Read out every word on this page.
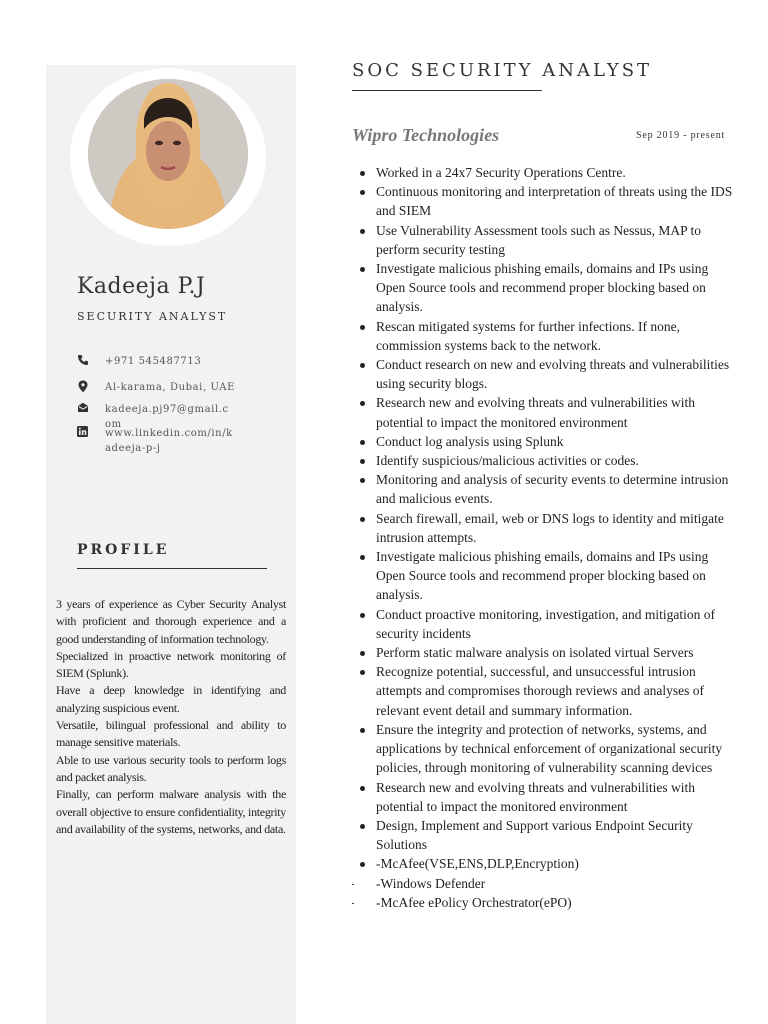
Kadeeja P.J
SECURITY ANALYST
+971 545487713
Al-karama, Dubai, UAE
kadeeja.pj97@gmail.com
www.linkedin.com/in/kadeeja-p-j
PROFILE

3 years of experience as Cyber Security Analyst with proficient and thorough experience and a good understanding of information technology.

Specialized in proactive network monitoring of SIEM (Splunk).

Have a deep knowledge in identifying and analyzing suspicious event.

Versatile, bilingual professional and ability to manage sensitive materials.

Able to use various security tools to perform logs and packet analysis.

Finally, can perform malware analysis with the overall objective to ensure confidentiality, integrity and availability of the systems, networks, and data.

SOC SECURITY ANALYST
Wipro Technologies	Sep 2019 - present
Worked in a 24x7 Security Operations Centre.
Continuous monitoring and interpretation of threats using the IDS and SIEM
Use Vulnerability Assessment tools such as Nessus, MAP to perform security testing
Investigate malicious phishing emails, domains and IPs using Open Source tools and recommend proper blocking based on analysis.
Rescan mitigated systems for further infections. If none, commission systems back to the network.
Conduct research on new and evolving threats and vulnerabilities using security blogs.
Research new and evolving threats and vulnerabilities with potential to impact the monitored environment
Conduct log analysis using Splunk
Identify suspicious/malicious activities or codes.
Monitoring and analysis of security events to determine intrusion and malicious events.
Search firewall, email, web or DNS logs to identity and mitigate intrusion attempts.
Investigate malicious phishing emails, domains and IPs using Open Source tools and recommend proper blocking based on analysis.
Conduct proactive monitoring, investigation, and mitigation of security incidents
Perform static malware analysis on isolated virtual Servers
Recognize potential, successful, and unsuccessful intrusion attempts and compromises thorough reviews and analyses of relevant event detail and summary information.
Ensure the integrity and protection of networks, systems, and applications by technical enforcement of organizational security policies, through monitoring of vulnerability scanning devices
Research new and evolving threats and vulnerabilities with potential to impact the monitored environment
Design, Implement and Support various Endpoint Security Solutions
-McAfee(VSE,ENS,DLP,Encryption)
-Windows Defender
-McAfee ePolicy Orchestrator(ePO)
